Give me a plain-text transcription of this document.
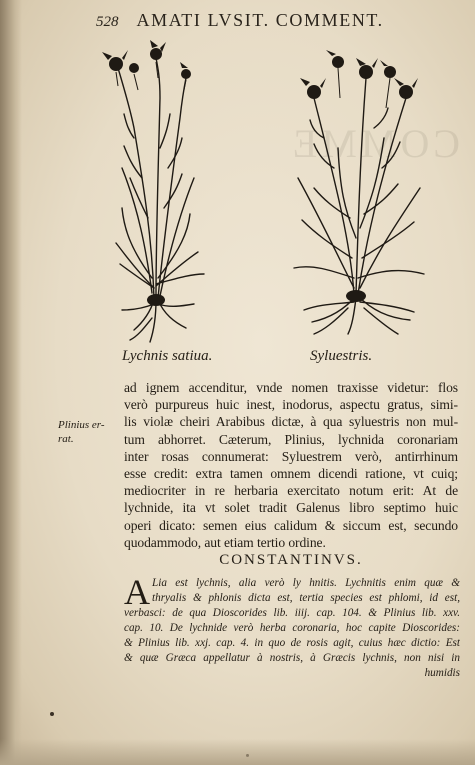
COMME
528 AMATI LVSIT. COMMENT.
Lychnis satiua.	Syluestris.
ad ignem accenditur, vnde nomen traxisse videtur: flos
verò purpureus huic inest, inodorus, aspectu gratus, simi-
lis violæ cheiri Arabibus dictæ, à qua syluestris non mul-
tum abhorret. Cæterum, Plinius, lychnida coronariam
inter rosas connumerat: Syluestrem verò, antirrhinum
esse credit: extra tamen omnem dicendi ratione, vt cuiq;
mediocriter in re herbaria exercitato notum erit: At de
lychnide, ita vt solet tradit Galenus libro septimo huic
operi dicato: semen eius calidum & siccum est, secundo
quodammodo, aut etiam tertio ordine.
Plinius er-
rat.
CONSTANTINVS.
A Lia est lychnis, alia verò ly hnitis. Lychnitis enim quæ &
thryalis & phlonis dicta est, tertia species est phlomi, id est,
verbasci: de qua Dioscorides lib. iiij. cap. 104. & Plinius lib. xxv.
cap. 10. De lychnide verò herba coronaria, hoc capite Dioscorides:
& Plinius lib. xxj. cap. 4. in quo de rosis agit, cuius hæc dictio: Est
& quæ Græca appellatur à nostris, à Græcis lychnis, non nisi in
humidis
